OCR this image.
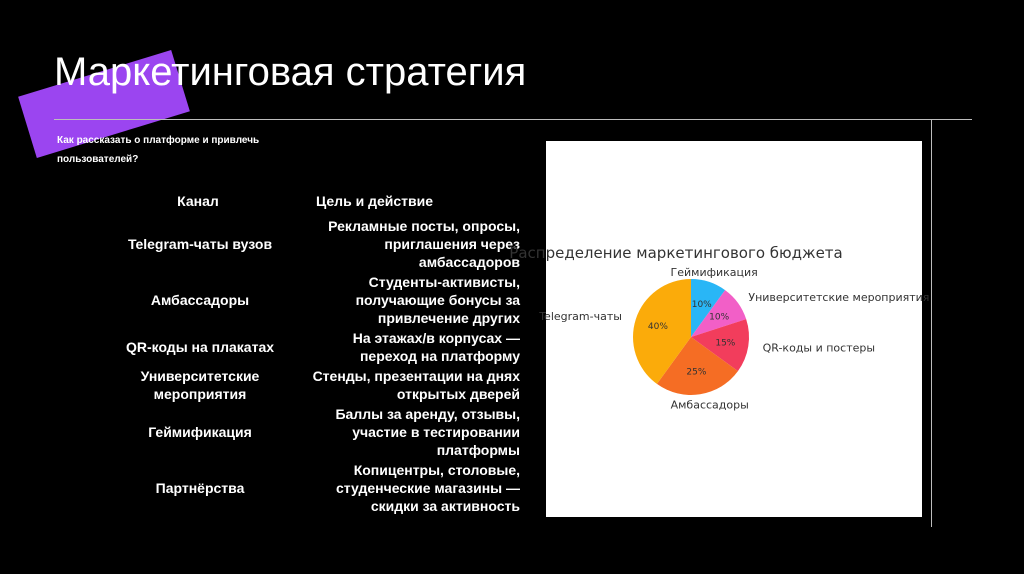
Маркетинговая стратегия

Как рассказать о платформе и привлечь пользователей?

Канал	Цель и действие
Telegram-чаты вузов	Рекламные посты, опросы, приглашения через амбассадоров
Амбассадоры	Студенты-активисты, получающие бонусы за привлечение других
QR-коды на плакатах	На этажах/в корпусах — переход на платформу
Университетские мероприятия	Стенды, презентации на днях открытых дверей
Геймификация	Баллы за аренду, отзывы, участие в тестировании платформы
Партнёрства	Копицентры, столовые, студенческие магазины — скидки за активность
Распределение маркетингового бюджета
10%
Геймификация
10%
Университетские мероприятия
15% QR-коды и постеры
25%
Амбассадоры
40%
Telegram-чаты
